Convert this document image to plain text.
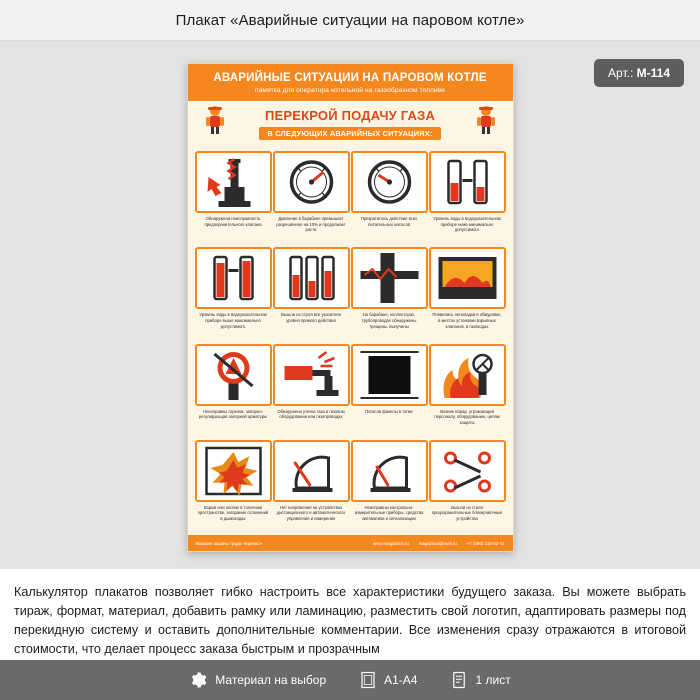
Плакат «Аварийные ситуации на паровом котле»
Арт.: М-114
АВАРИЙНЫЕ СИТУАЦИИ НА ПАРОВОМ КОТЛЕ
памятка для оператора котельной на газообразном топливе
ПЕРЕКРОЙ ПОДАЧУ ГАЗА
В СЛЕДУЮЩИХ АВАРИЙНЫХ СИТУАЦИЯХ:
Обнаружена неисправность предохранительного клапана
Давление в барабане превышает разрешённое на 10% и продолжает расти
Прекратилось действие всех питательных насосов
Уровень воды в водоуказательном приборе ниже минимально допустимого
Уровень воды в водоуказательном приборе выше максимально допустимого
Вышли из строя все указатели уровня прямого действия
На барабане, коллекторах, трубопроводах обнаружены трещины, выпучины
Появились неполадки в обмуровке, в местах установки взрывных клапанов, в газоходах
Неисправны горелки, запорно-регулирующая запорной арматуры
Обнаружена утечка газа в газовом оборудовании или газопроводах
Погасли факелы в топке	Возник пожар, угрожающий персоналу, оборудованию, цепям защиты
Взрыв или хлопок в топочном пространстве, загорание отложений в дымоходах
Нет напряжения на устройствах дистанционного и автоматического управления и измерения
Неисправны контрольно-измерительные приборы, средства автоматики и сигнализации
Вышли из строя предохранительные блокировочные устройства
Магазин охраны труда «Кронос»	www.magazinot.ru magazinot@mail.ru +7 (495) 215-02-41
Калькулятор плакатов позволяет гибко настроить все характеристики будущего заказа. Вы можете выбрать тираж, формат, материал, добавить рамку или ламинацию, разместить свой логотип, адаптировать размеры под перекидную систему и оставить дополнительные комментарии. Все изменения сразу отражаются в итоговой стоимости, что делает процесс заказа быстрым и прозрачным
Материал на выбор	А1-А4	1 лист
